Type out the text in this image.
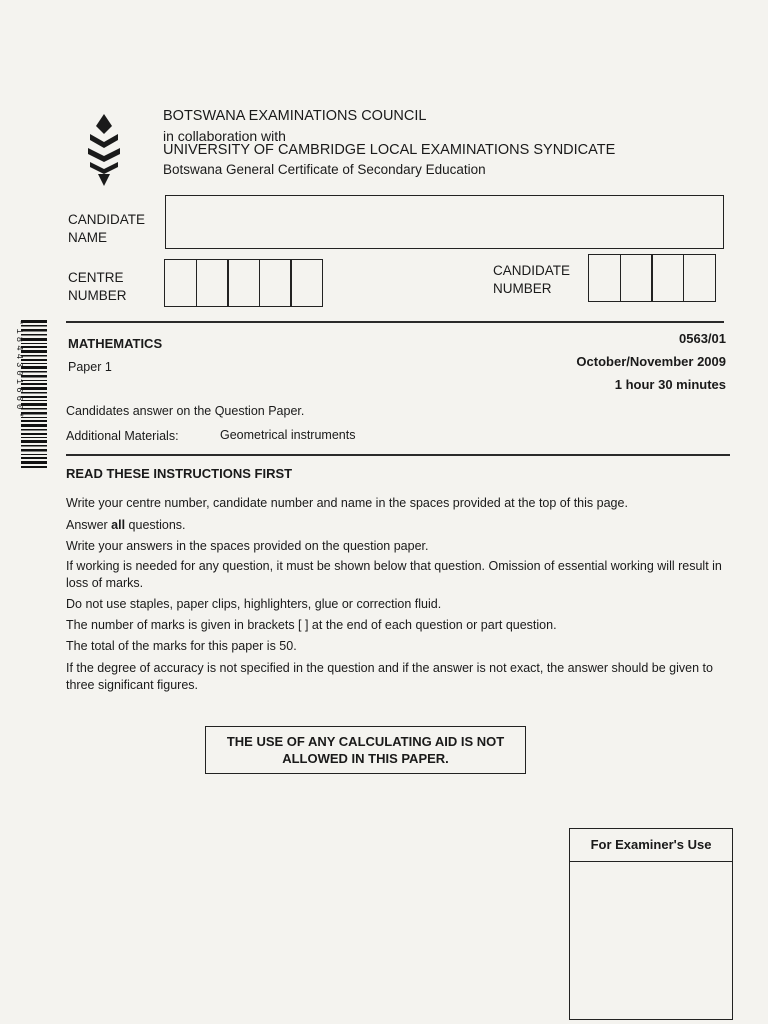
BOTSWANA EXAMINATIONS COUNCIL
in collaboration with
UNIVERSITY OF CAMBRIDGE LOCAL EXAMINATIONS SYNDICATE
Botswana General Certificate of Secondary Education
CANDIDATE
NAME
CENTRE
NUMBER
CANDIDATE
NUMBER
*1844301660*	MATHEMATICS
Paper 1
0563/01
October/November 2009
1 hour 30 minutes
Candidates answer on the Question Paper.
Additional Materials:	Geometrical instruments
READ THESE INSTRUCTIONS FIRST
Write your centre number, candidate number and name in the spaces provided at the top of this page.
Answer all questions.
Write your answers in the spaces provided on the question paper.
If working is needed for any question, it must be shown below that question. Omission of essential working will result in loss of marks.
Do not use staples, paper clips, highlighters, glue or correction fluid.
The number of marks is given in brackets [ ] at the end of each question or part question.
The total of the marks for this paper is 50.
If the degree of accuracy is not specified in the question and if the answer is not exact, the answer should be given to three significant figures.
THE USE OF ANY CALCULATING AID IS NOT
ALLOWED IN THIS PAPER.
For Examiner's Use
